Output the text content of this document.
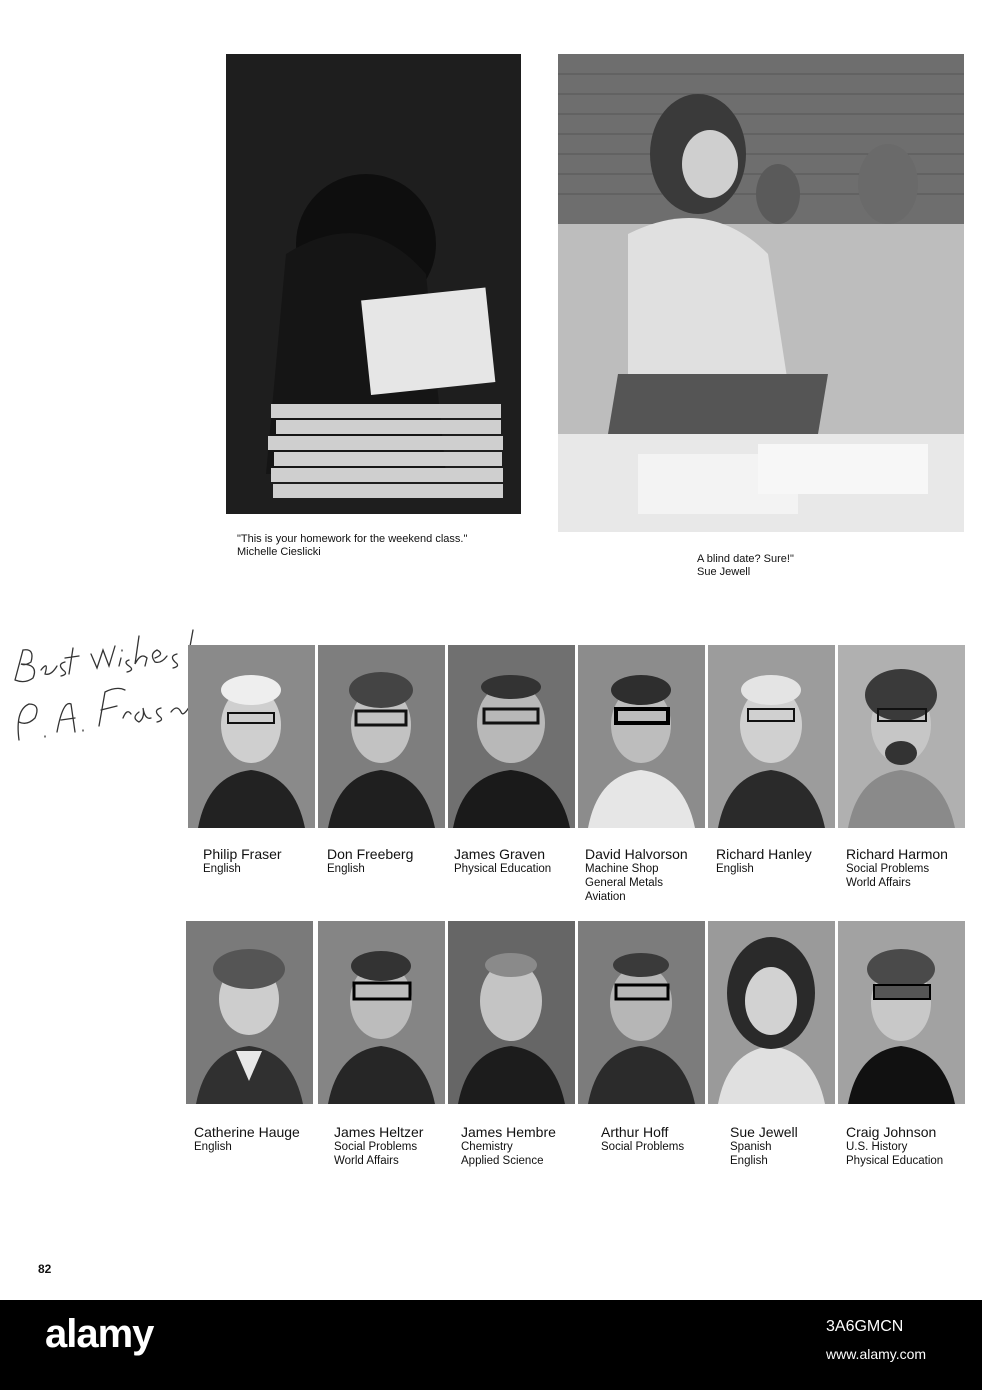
"This is your homework for the weekend class."
Michelle Cieslicki
A blind date? Sure!"
Sue Jewell
Philip Fraser
English
Don Freeberg
English
James Graven
Physical Education
David Halvorson
Machine Shop
General Metals
Aviation
Richard Hanley
English
Richard Harmon
Social Problems
World Affairs
Catherine Hauge
English
James Heltzer
Social Problems
World Affairs
James Hembre
Chemistry
Applied Science
Arthur Hoff
Social Problems
Sue Jewell
Spanish
English
Craig Johnson
U.S. History
Physical Education
82
alamy	3A6GMCN
www.alamy.com
